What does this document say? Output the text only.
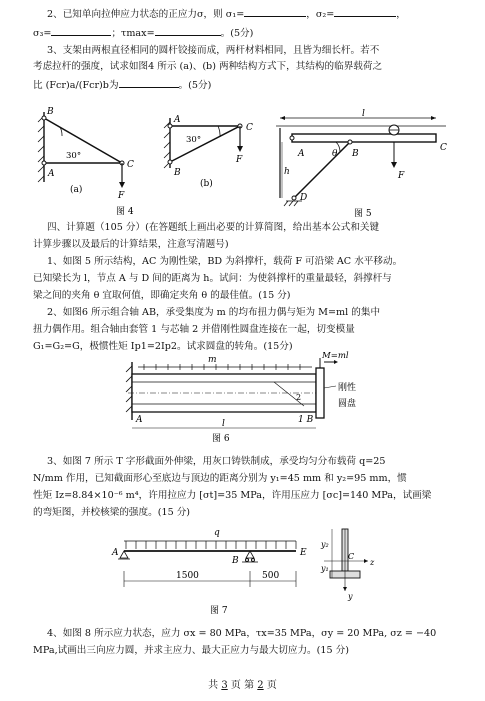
2、已知单向拉伸应力状态的正应力σ，则 σ₁=	，σ₂=	，
σ₃=	；τmax=	。(5分)
3、支架由两根直径相同的圆杆铰接而成，两杆材料相同，且皆为细长杆。若不
考虑拉杆的强度，试求如图4 所示 (a)、(b) 两种结构方式下，其结构的临界载荷之
比 (Fcr)a/(Fcr)b为	。(5分)
B
A
C
F
30°
(a)
A
B
C
F
30°
(b)
图 4
l
h
A	θ B
C
F
D
图 5
四、计算题（105 分）(在答题纸上画出必要的计算简图，给出基本公式和关键
计算步骤以及最后的计算结果，注意写清题号)
1、如图 5 所示结构，AC 为刚性梁，BD 为斜撑杆，载荷 F 可沿梁 AC 水平移动。
已知梁长为 l，节点 A 与 D 间的距离为 h。试问：为使斜撑杆的重量最轻，斜撑杆与
梁之间的夹角 θ 宜取何值，即确定夹角 θ 的最佳值。(15 分)
2、如图6 所示组合轴 AB，承受集度为 m 的均布扭力偶与矩为 M=ml 的集中
扭力偶作用。组合轴由套管 1 与芯轴 2 并借刚性圆盘连接在一起，切变模量
G₁=G₂=G，极惯性矩 Ip1=2Ip2。试求圆盘的转角。(15分)
M=ml
m
刚性
圆盘
2
A	1 B
l
图 6
3、如图 7 所示 T 字形截面外伸梁，用灰口铸铁制成，承受均匀分布载荷 q=25
N/mm 作用，已知截面形心至底边与顶边的距离分别为 y₁=45 mm 和 y₂=95 mm，惯
性矩 Iz=8.84×10⁻⁶ m⁴，许用拉应力 [σt]=35 MPa，许用压应力 [σc]=140 MPa，试画梁
的弯矩图，并校核梁的强度。(15 分)
q
A
B
E
1500	500
y₂
y₁
C
z
y
图 7
4、如图 8 所示应力状态，应力 σx = 80 MPa，τx=35 MPa，σy = 20 MPa, σz = −40
MPa,试画出三向应力圆，并求主应力、最大正应力与最大切应力。(15 分)
共 3 页 第 2 页
